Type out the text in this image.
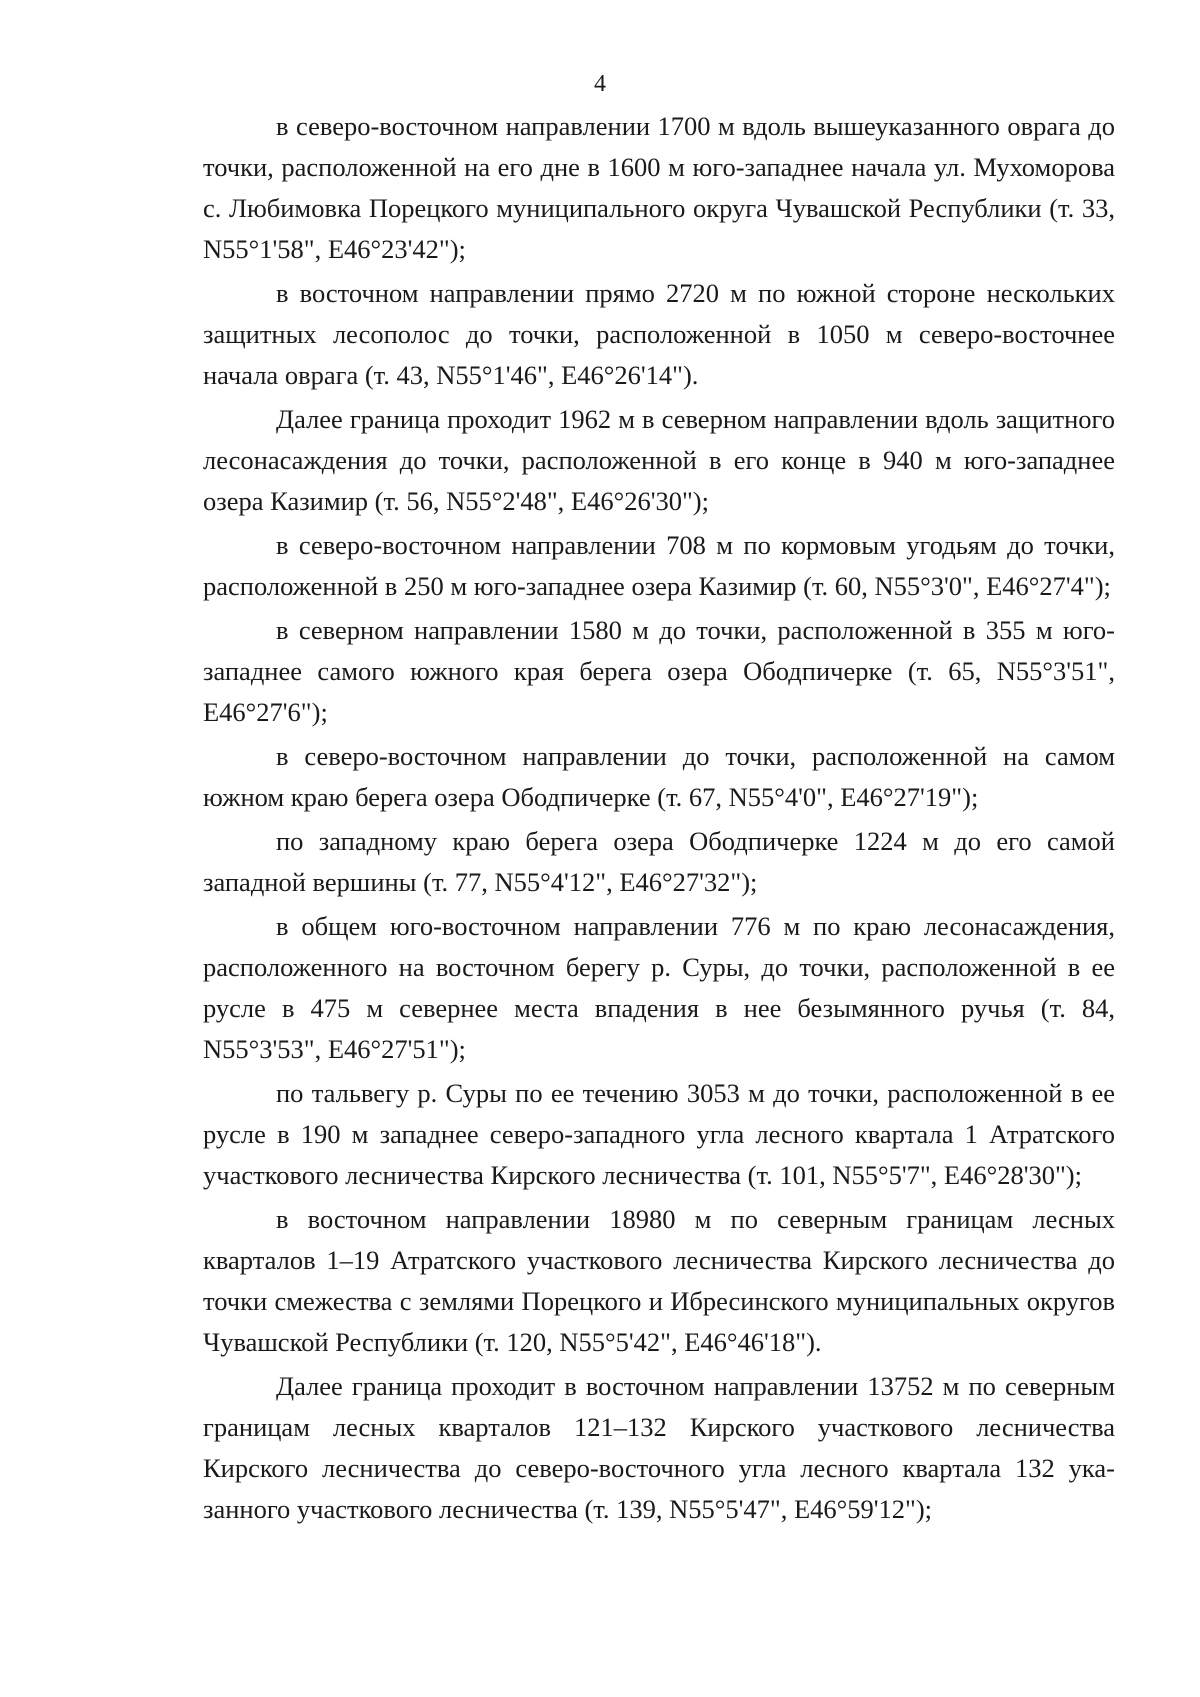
4

в северо-восточном направлении 1700 м вдоль вышеуказанного оврага до точки, расположенной на его дне в 1600 м юго-западнее начала ул. Мухоморова с. Любимовка Порецкого муниципального округа Чувашской Республики (т. 33, N55°1'58", E46°23'42");

в восточном направлении прямо 2720 м по южной стороне нескольких защитных лесополос до точки, расположенной в 1050 м северо-восточнее начала оврага (т. 43, N55°1'46", E46°26'14").

Далее граница проходит 1962 м в северном направлении вдоль защитного лесонасаждения до точки, расположенной в его конце в 940 м юго-западнее озера Казимир (т. 56, N55°2'48", E46°26'30");

в северо-восточном направлении 708 м по кормовым угодьям до точки, расположенной в 250 м юго-западнее озера Казимир (т. 60, N55°3'0", E46°27'4");

в северном направлении 1580 м до точки, расположенной в 355 м юго-западнее самого южного края берега озера Ободпичерке (т. 65, N55°3'51", E46°27'6");

в северо-восточном направлении до точки, расположенной на самом южном краю берега озера Ободпичерке (т. 67, N55°4'0", E46°27'19");

по западному краю берега озера Ободпичерке 1224 м до его самой западной вершины (т. 77, N55°4'12", E46°27'32");

в общем юго-восточном направлении 776 м по краю лесонасаждения, расположенного на восточном берегу р. Суры, до точки, расположенной в ее русле в 475 м севернее места впадения в нее безымянного ручья (т. 84, N55°3'53", E46°27'51");

по тальвегу р. Суры по ее течению 3053 м до точки, расположенной в ее русле в 190 м западнее северо-западного угла лесного квартала 1 Атратского участкового лесничества Кирского лесничества (т. 101, N55°5'7", E46°28'30");

в восточном направлении 18980 м по северным границам лесных кварталов 1–19 Атратского участкового лесничества Кирского лесничества до точки смежества с землями Порецкого и Ибресинского муниципальных округов Чувашской Республики (т. 120, N55°5'42", E46°46'18").

Далее граница проходит в восточном направлении 13752 м по северным границам лесных кварталов 121–132 Кирского участкового лесничества Кирского лесничества до северо-восточного угла лесного квартала 132 указанного участкового лесничества (т. 139, N55°5'47", E46°59'12");
